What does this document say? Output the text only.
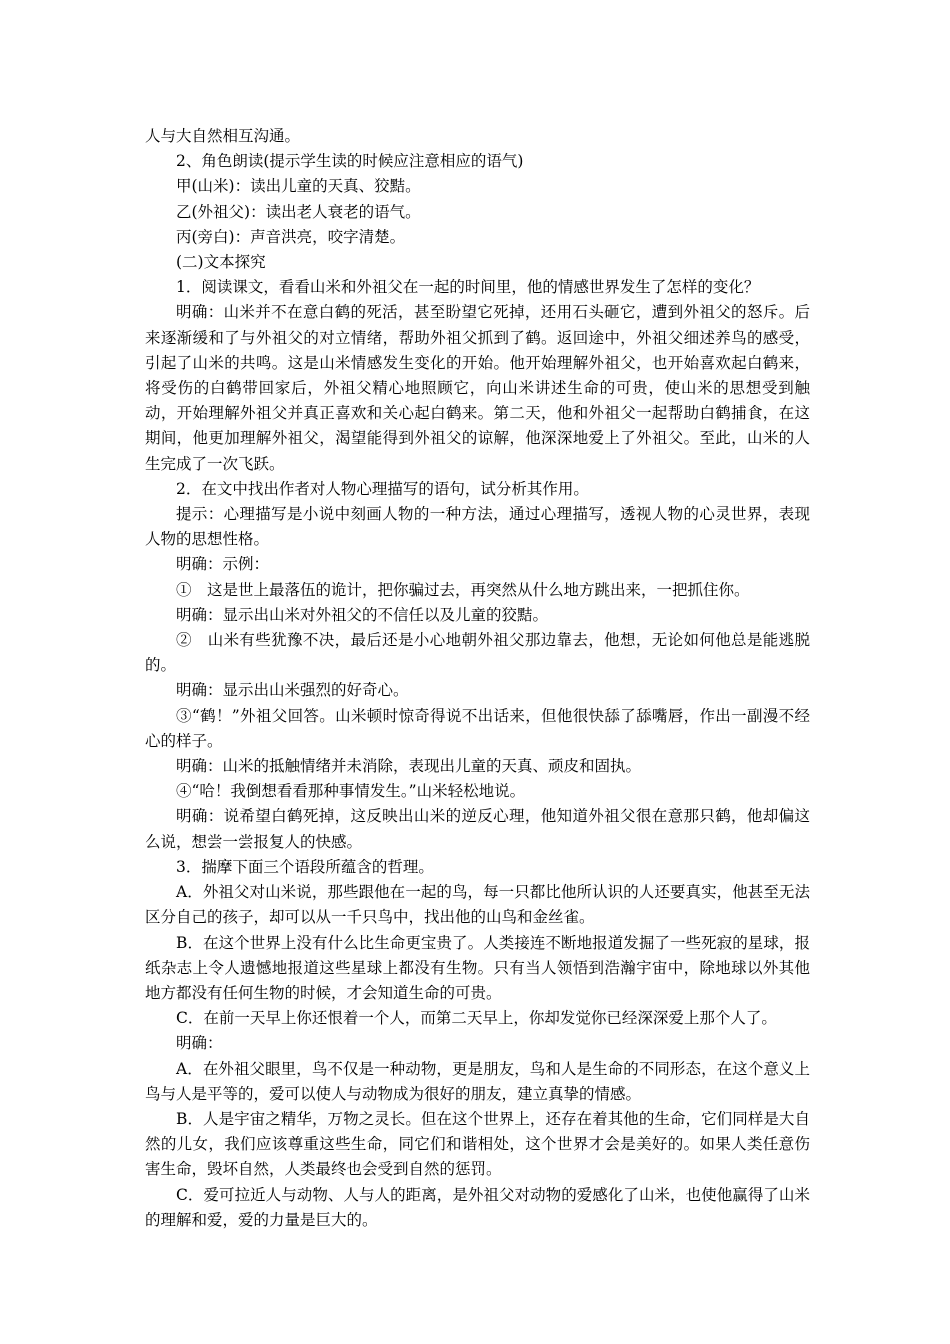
人与大自然相互沟通。

2、角色朗读(提示学生读的时候应注意相应的语气)

甲(山米)：读出儿童的天真、狡黠。

乙(外祖父)：读出老人衰老的语气。

丙(旁白)：声音洪亮，咬字清楚。

(二)文本探究

1．阅读课文，看看山米和外祖父在一起的时间里，他的情感世界发生了怎样的变化？

明确：山米并不在意白鹤的死活，甚至盼望它死掉，还用石头砸它，遭到外祖父的怒斥。后来逐渐缓和了与外祖父的对立情绪，帮助外祖父抓到了鹤。返回途中，外祖父细述养鸟的感受，引起了山米的共鸣。这是山米情感发生变化的开始。他开始理解外祖父，也开始喜欢起白鹤来，将受伤的白鹤带回家后，外祖父精心地照顾它，向山米讲述生命的可贵，使山米的思想受到触动，开始理解外祖父并真正喜欢和关心起白鹤来。第二天，他和外祖父一起帮助白鹤捕食，在这期间，他更加理解外祖父，渴望能得到外祖父的谅解，他深深地爱上了外祖父。至此，山米的人生完成了一次飞跃。

2．在文中找出作者对人物心理描写的语句，试分析其作用。

提示：心理描写是小说中刻画人物的一种方法，通过心理描写，透视人物的心灵世界，表现人物的思想性格。

明确：示例：

①　这是世上最落伍的诡计，把你骗过去，再突然从什么地方跳出来，一把抓住你。

明确：显示出山米对外祖父的不信任以及儿童的狡黠。

②　山米有些犹豫不决，最后还是小心地朝外祖父那边靠去，他想，无论如何他总是能逃脱的。

明确：显示出山米强烈的好奇心。

③“鹤！”外祖父回答。山米顿时惊奇得说不出话来，但他很快舔了舔嘴唇，作出一副漫不经心的样子。

明确：山米的抵触情绪并未消除，表现出儿童的天真、顽皮和固执。

④“哈！我倒想看看那种事情发生。”山米轻松地说。

明确：说希望白鹤死掉，这反映出山米的逆反心理，他知道外祖父很在意那只鹤，他却偏这么说，想尝一尝报复人的快感。

3．揣摩下面三个语段所蕴含的哲理。

A．外祖父对山米说，那些跟他在一起的鸟，每一只都比他所认识的人还要真实，他甚至无法区分自己的孩子，却可以从一千只鸟中，找出他的山鸟和金丝雀。

B．在这个世界上没有什么比生命更宝贵了。人类接连不断地报道发掘了一些死寂的星球，报纸杂志上令人遗憾地报道这些星球上都没有生物。只有当人领悟到浩瀚宇宙中，除地球以外其他地方都没有任何生物的时候，才会知道生命的可贵。

C．在前一天早上你还恨着一个人，而第二天早上，你却发觉你已经深深爱上那个人了。

明确：

A．在外祖父眼里，鸟不仅是一种动物，更是朋友，鸟和人是生命的不同形态，在这个意义上鸟与人是平等的，爱可以使人与动物成为很好的朋友，建立真挚的情感。

B．人是宇宙之精华，万物之灵长。但在这个世界上，还存在着其他的生命，它们同样是大自然的儿女，我们应该尊重这些生命，同它们和谐相处，这个世界才会是美好的。如果人类任意伤害生命，毁坏自然，人类最终也会受到自然的惩罚。

C．爱可拉近人与动物、人与人的距离，是外祖父对动物的爱感化了山米，也使他赢得了山米的理解和爱，爱的力量是巨大的。
